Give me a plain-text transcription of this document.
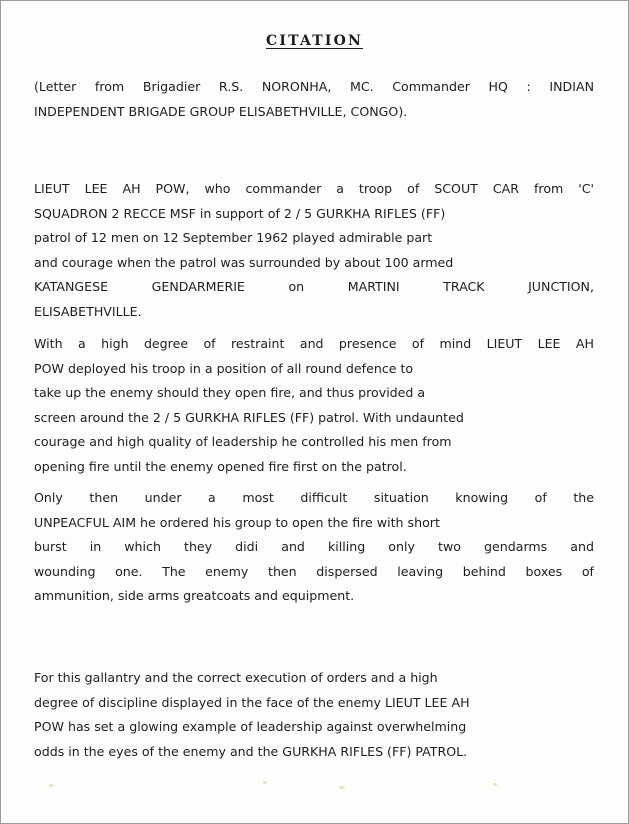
CITATION
(Letter from Brigadier R.S. NORONHA, MC. Commander HQ : INDIAN
INDEPENDENT BRIGADE GROUP ELISABETHVILLE, CONGO).
LIEUT LEE AH POW, who commander a troop of SCOUT CAR from 'C'
SQUADRON 2 RECCE MSF in support of 2 / 5 GURKHA RIFLES (FF)
patrol of 12 men on 12 September 1962 played admirable part
and courage when the patrol was surrounded by about 100 armed
KATANGESE GENDARMERIE on MARTINI TRACK JUNCTION,
ELISABETHVILLE.
With a high degree of restraint and presence of mind LIEUT LEE AH
POW deployed his troop in a position of all round defence to
take up the enemy should they open fire, and thus provided a
screen around the 2 / 5 GURKHA RIFLES (FF) patrol. With undaunted
courage and high quality of leadership he controlled his men from
opening fire until the enemy opened fire first on the patrol.
Only then under a most difficult situation knowing of the
UNPEACFUL AIM he ordered his group to open the fire with short
burst in which they didi and killing only two gendarms and
wounding one. The enemy then dispersed leaving behind boxes of
ammunition, side arms greatcoats and equipment.
For this gallantry and the correct execution of orders and a high
degree of discipline displayed in the face of the enemy LIEUT LEE AH
POW has set a glowing example of leadership against overwhelming
odds in the eyes of the enemy and the GURKHA RIFLES (FF) PATROL.
